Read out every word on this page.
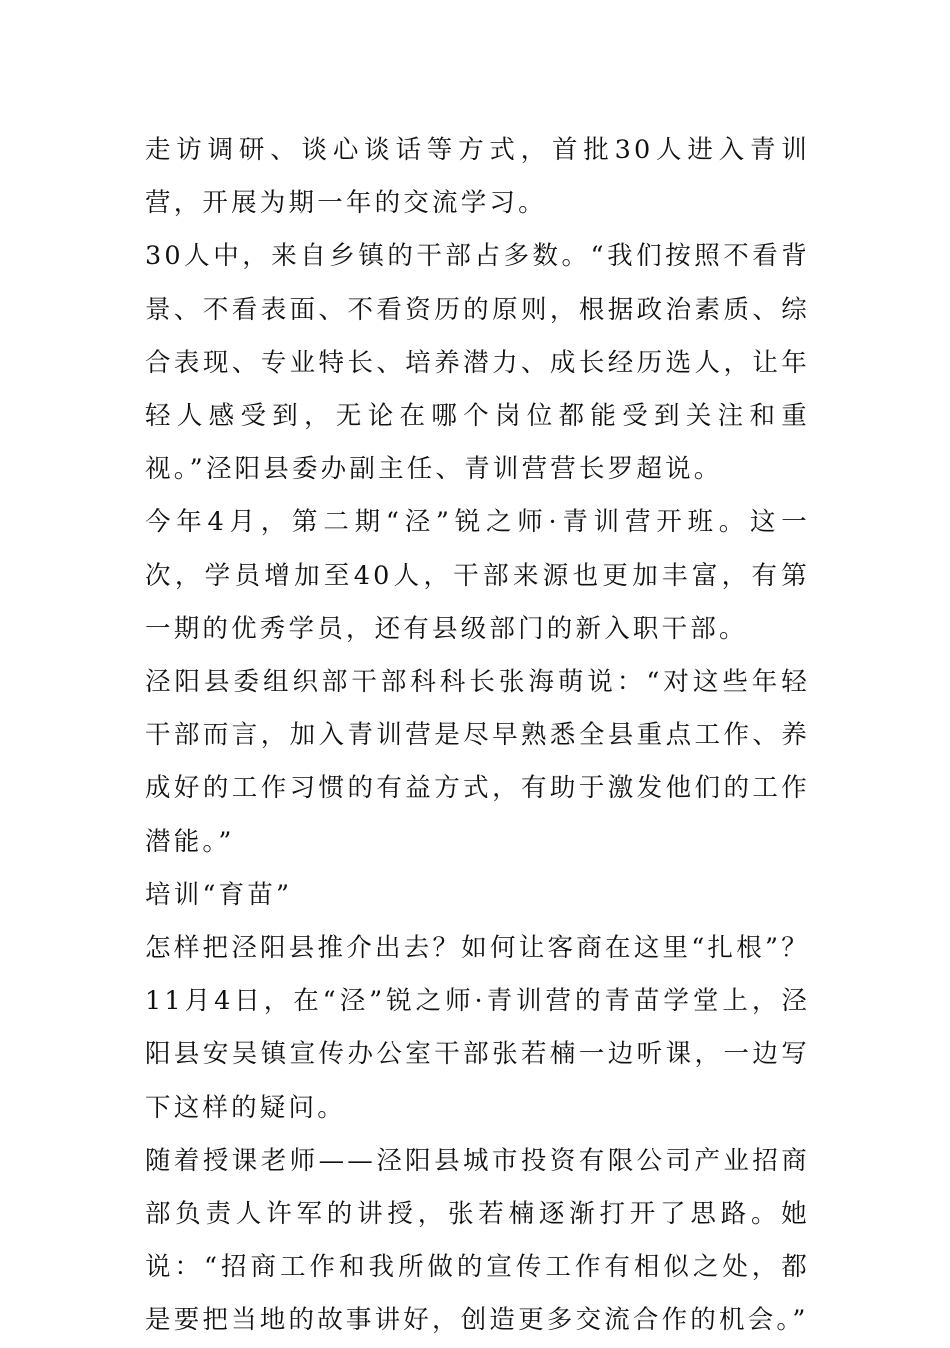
走访调研、谈心谈话等方式，首批30人进入青训营，开展为期一年的交流学习。

30人中，来自乡镇的干部占多数。“我们按照不看背景、不看表面、不看资历的原则，根据政治素质、综合表现、专业特长、培养潜力、成长经历选人，让年轻人感受到，无论在哪个岗位都能受到关注和重视。”泾阳县委办副主任、青训营营长罗超说。

今年4月，第二期“泾”锐之师·青训营开班。这一次，学员增加至40人，干部来源也更加丰富，有第一期的优秀学员，还有县级部门的新入职干部。

泾阳县委组织部干部科科长张海萌说：“对这些年轻干部而言，加入青训营是尽早熟悉全县重点工作、养成好的工作习惯的有益方式，有助于激发他们的工作潜能。”

培训“育苗”

怎样把泾阳县推介出去？如何让客商在这里“扎根”？11月4日，在“泾”锐之师·青训营的青苗学堂上，泾阳县安吴镇宣传办公室干部张若楠一边听课，一边写下这样的疑问。

随着授课老师——泾阳县城市投资有限公司产业招商部负责人许军的讲授，张若楠逐渐打开了思路。她说：“招商工作和我所做的宣传工作有相似之处，都是要把当地的故事讲好，创造更多交流合作的机会。”
